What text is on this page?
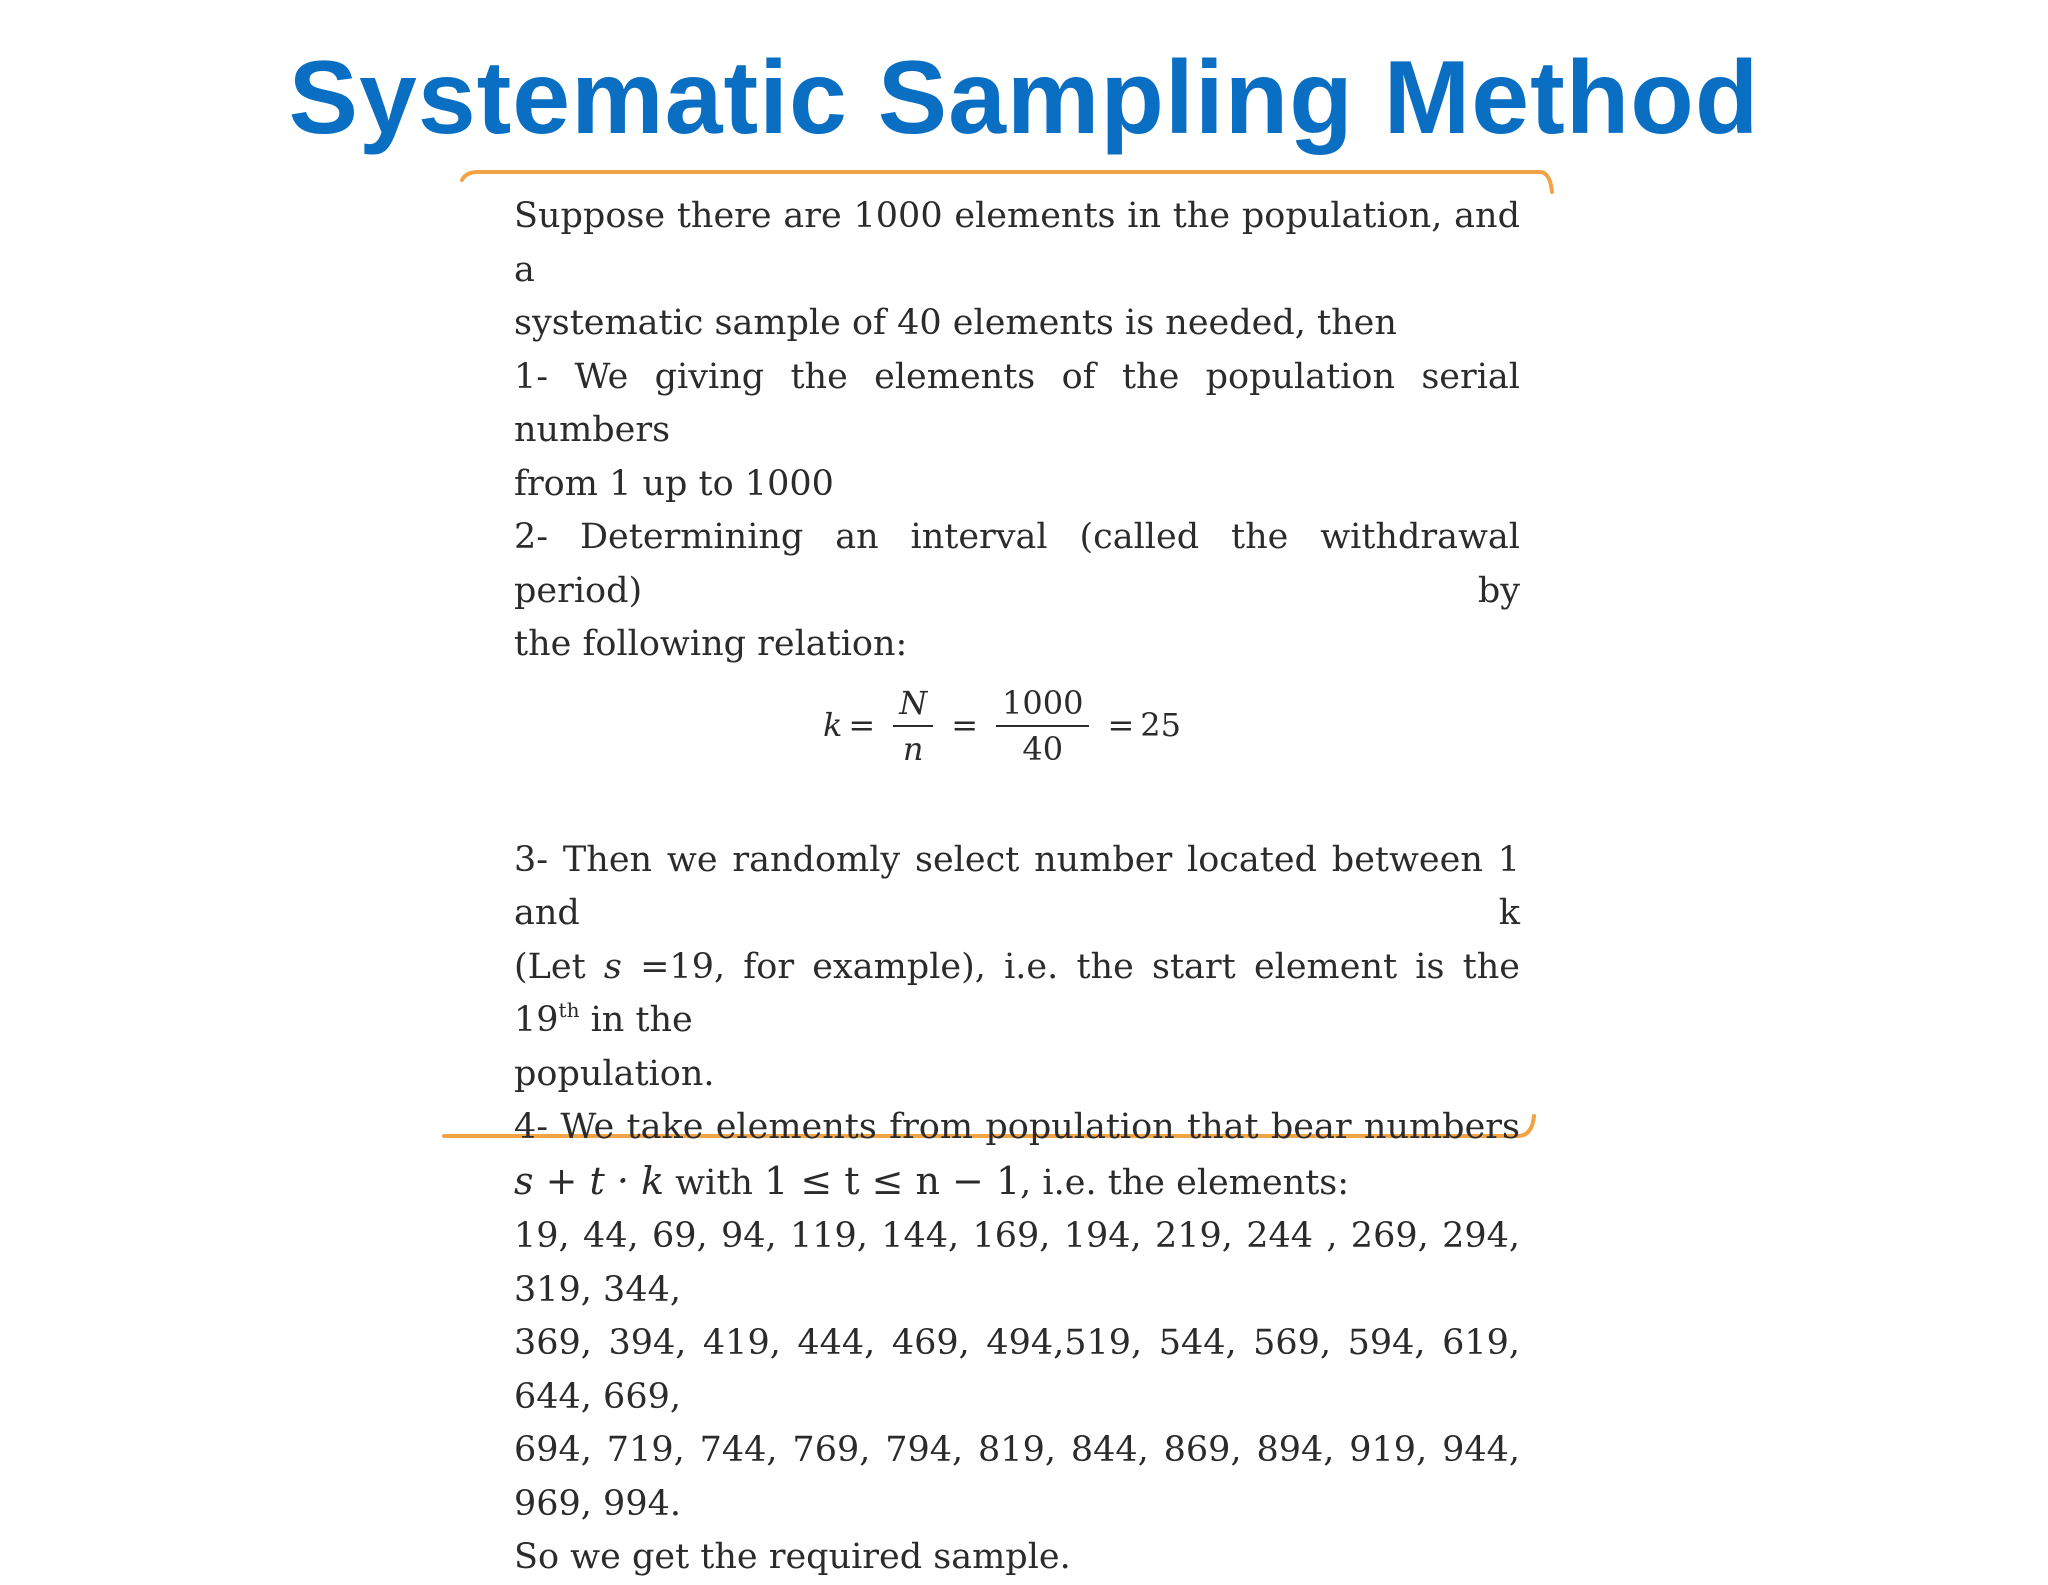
Systematic Sampling Method

Suppose there are 1000 elements in the population, and a

systematic sample of 40 elements is needed, then

1- We giving the elements of the population serial numbers

from 1 up to 1000

2- Determining an interval (called the withdrawal period) by

the following relation:

$k = \frac{N}{n} = \frac{1000}{40} = 25$

3- Then we randomly select number located between 1 and k

(Let s =19, for example), i.e. the start element is the 19th in the

population.

4- We take elements from population that bear numbers

s + t · k with 1 ≤ t ≤ n − 1, i.e. the elements:

19, 44, 69, 94, 119, 144, 169, 194, 219, 244 , 269, 294, 319, 344,

369, 394, 419, 444, 469, 494,519, 544, 569, 594, 619, 644, 669,

694, 719, 744, 769, 794, 819, 844, 869, 894, 919, 944, 969, 994.

So we get the required sample.
